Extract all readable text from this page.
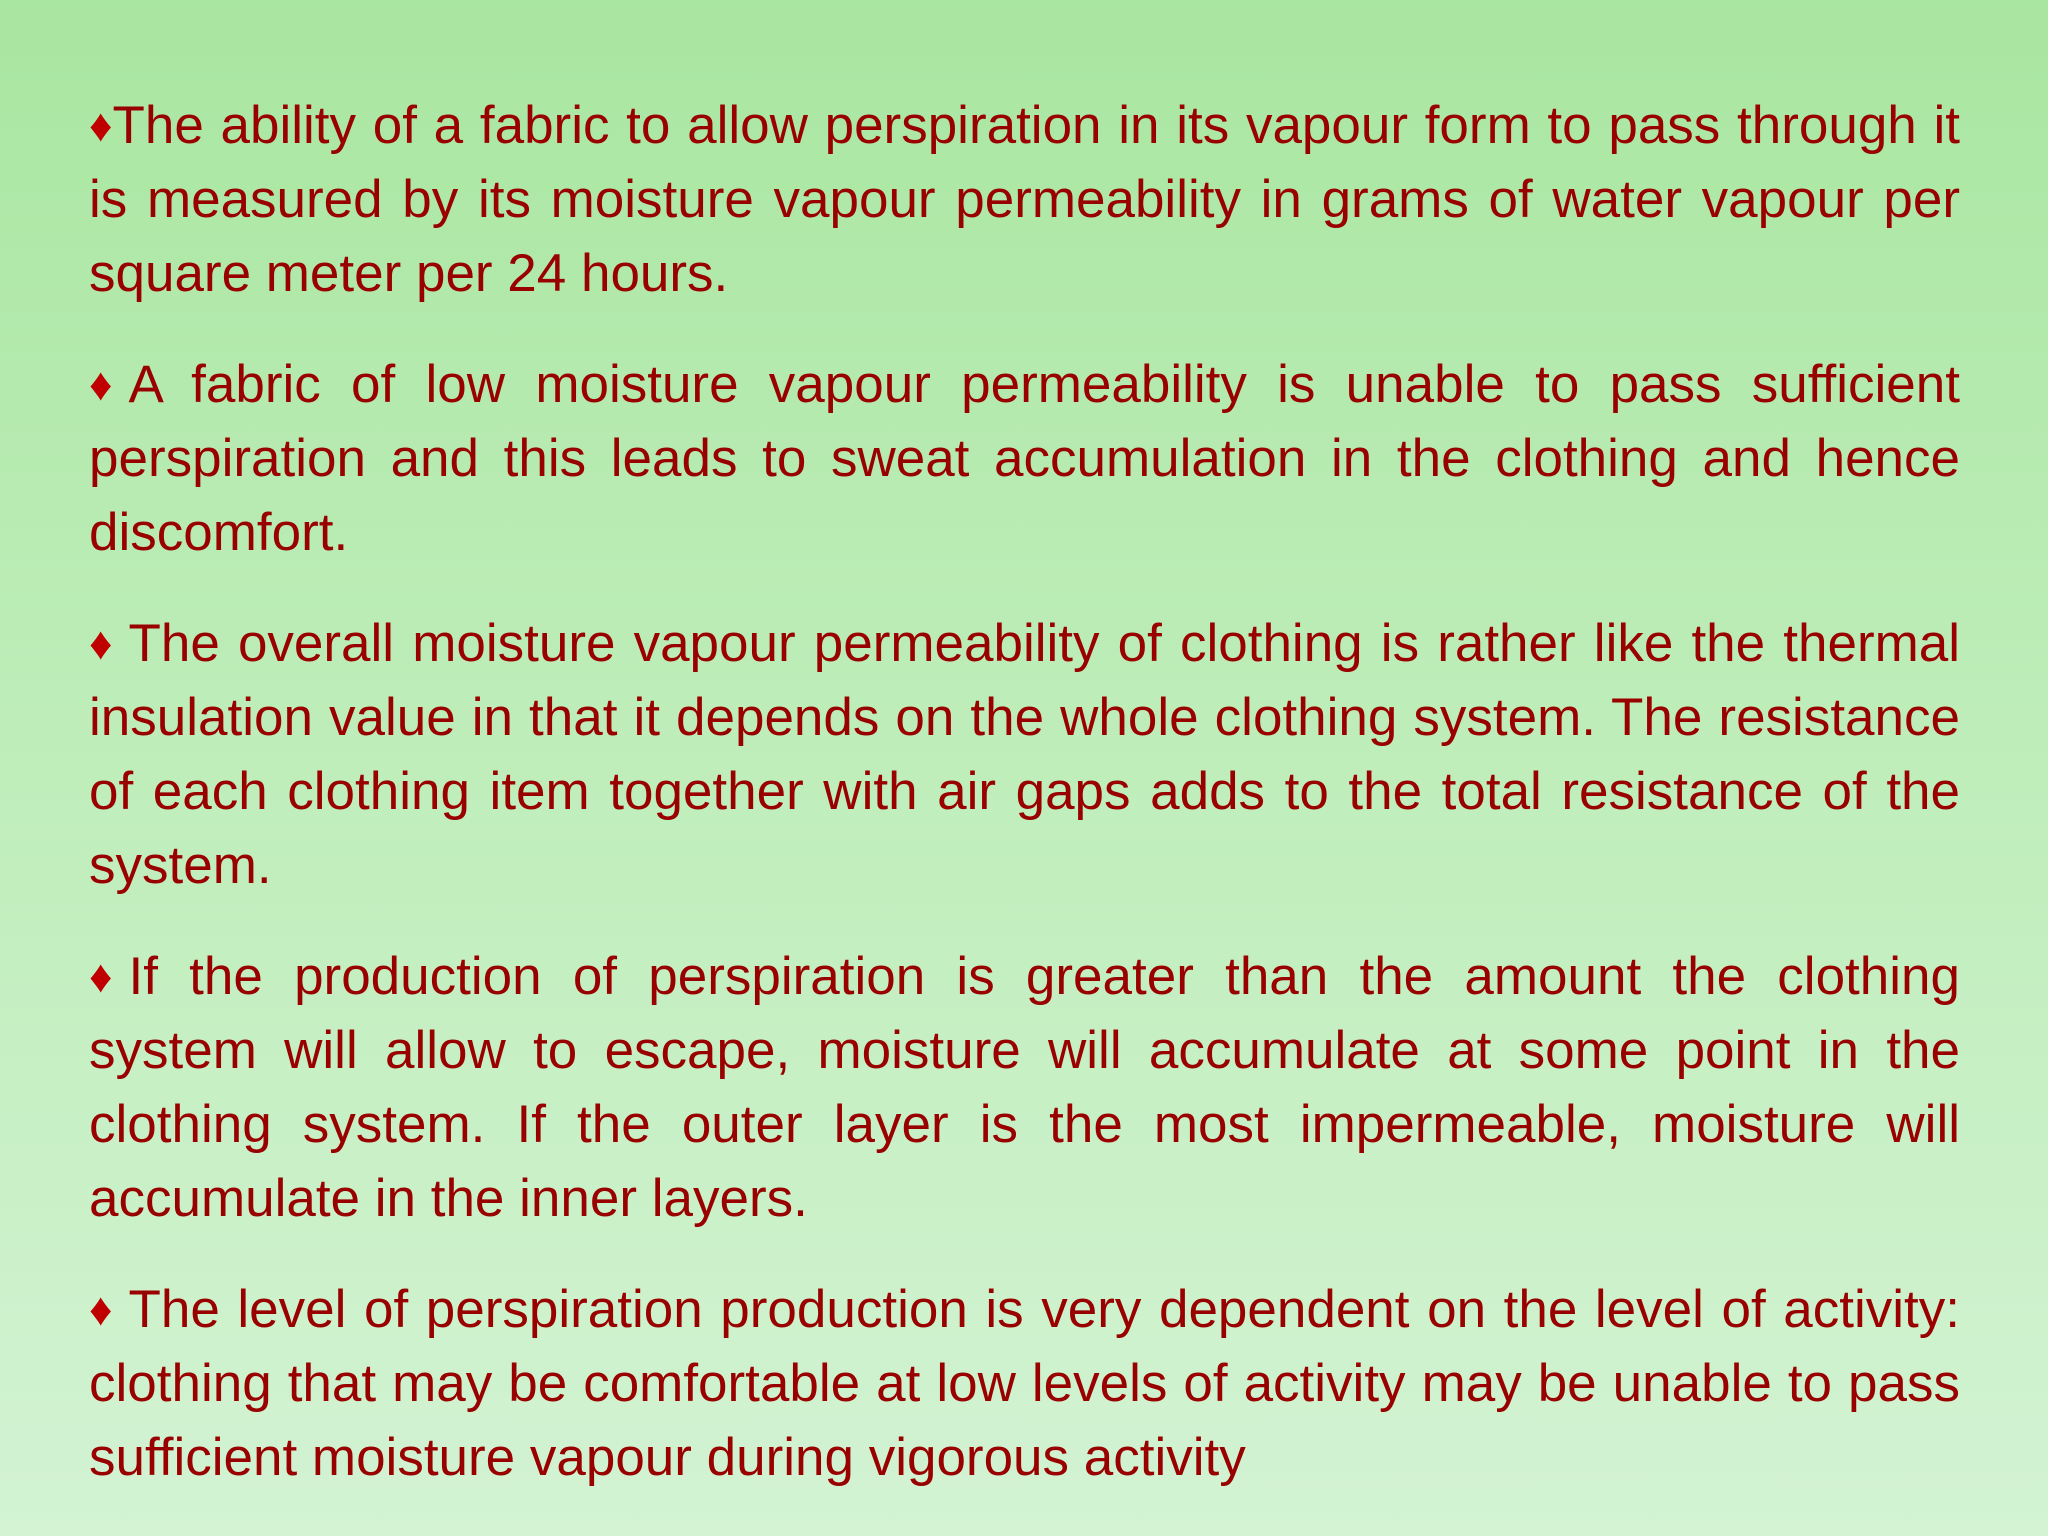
♦The ability of a fabric to allow perspiration in its vapour form to pass through it is measured by its moisture vapour permeability in grams of water vapour per square meter per 24 hours.

♦ A fabric of low moisture vapour permeability is unable to pass sufficient perspiration and this leads to sweat accumulation in the clothing and hence discomfort.

♦ The overall moisture vapour permeability of clothing is rather like the thermal insulation value in that it depends on the whole clothing system. The resistance of each clothing item together with air gaps adds to the total resistance of the system.

♦ If the production of perspiration is greater than the amount the clothing system will allow to escape, moisture will accumulate at some point in the clothing system. If the outer layer is the most impermeable, moisture will accumulate in the inner layers.

♦ The level of perspiration production is very dependent on the level of activity: clothing that may be comfortable at low levels of activity may be unable to pass sufficient moisture vapour during vigorous activity
